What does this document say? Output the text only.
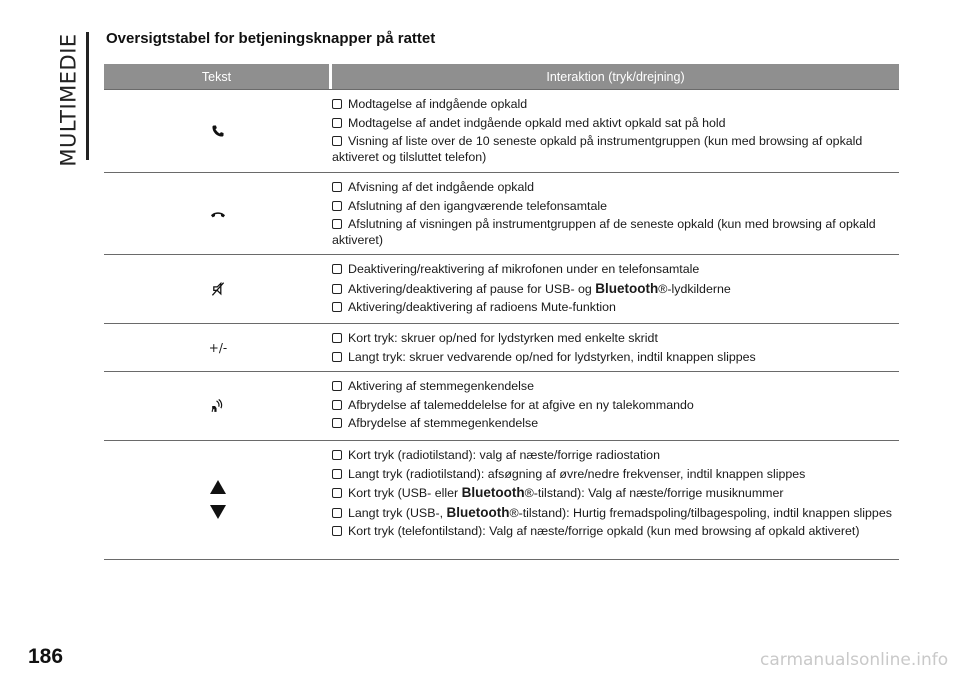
MULTIMEDIE Oversigtstabel for betjeningsknapper på rattet
Tekst	Interaktion (tryk/drejning)
Modtagelse af indgående opkald
Modtagelse af andet indgående opkald med aktivt opkald sat på hold
Visning af liste over de 10 seneste opkald på instrumentgruppen (kun med browsing af opkald aktiveret og tilsluttet telefon)
Afvisning af det indgående opkald
Afslutning af den igangværende telefonsamtale
Afslutning af visningen på instrumentgruppen af de seneste opkald (kun med browsing af opkald aktiveret)
Deaktivering/reaktivering af mikrofonen under en telefonsamtale
Aktivering/deaktivering af pause for USB- og Bluetooth®-lydkilderne
Aktivering/deaktivering af radioens Mute-funktion
+/-
Kort tryk: skruer op/ned for lydstyrken med enkelte skridt
Langt tryk: skruer vedvarende op/ned for lydstyrken, indtil knappen slippes
Aktivering af stemmegenkendelse
Afbrydelse af talemeddelelse for at afgive en ny talekommando
Afbrydelse af stemmegenkendelse
Kort tryk (radiotilstand): valg af næste/forrige radiostation
Langt tryk (radiotilstand): afsøgning af øvre/nedre frekvenser, indtil knappen slippes
Kort tryk (USB- eller Bluetooth®-tilstand): Valg af næste/forrige musiknummer
Langt tryk (USB-, Bluetooth®-tilstand): Hurtig fremadspoling/tilbagespoling, indtil knappen slippes
Kort tryk (telefontilstand): Valg af næste/forrige opkald (kun med browsing af opkald aktiveret)
186	carmanualsonline.info
